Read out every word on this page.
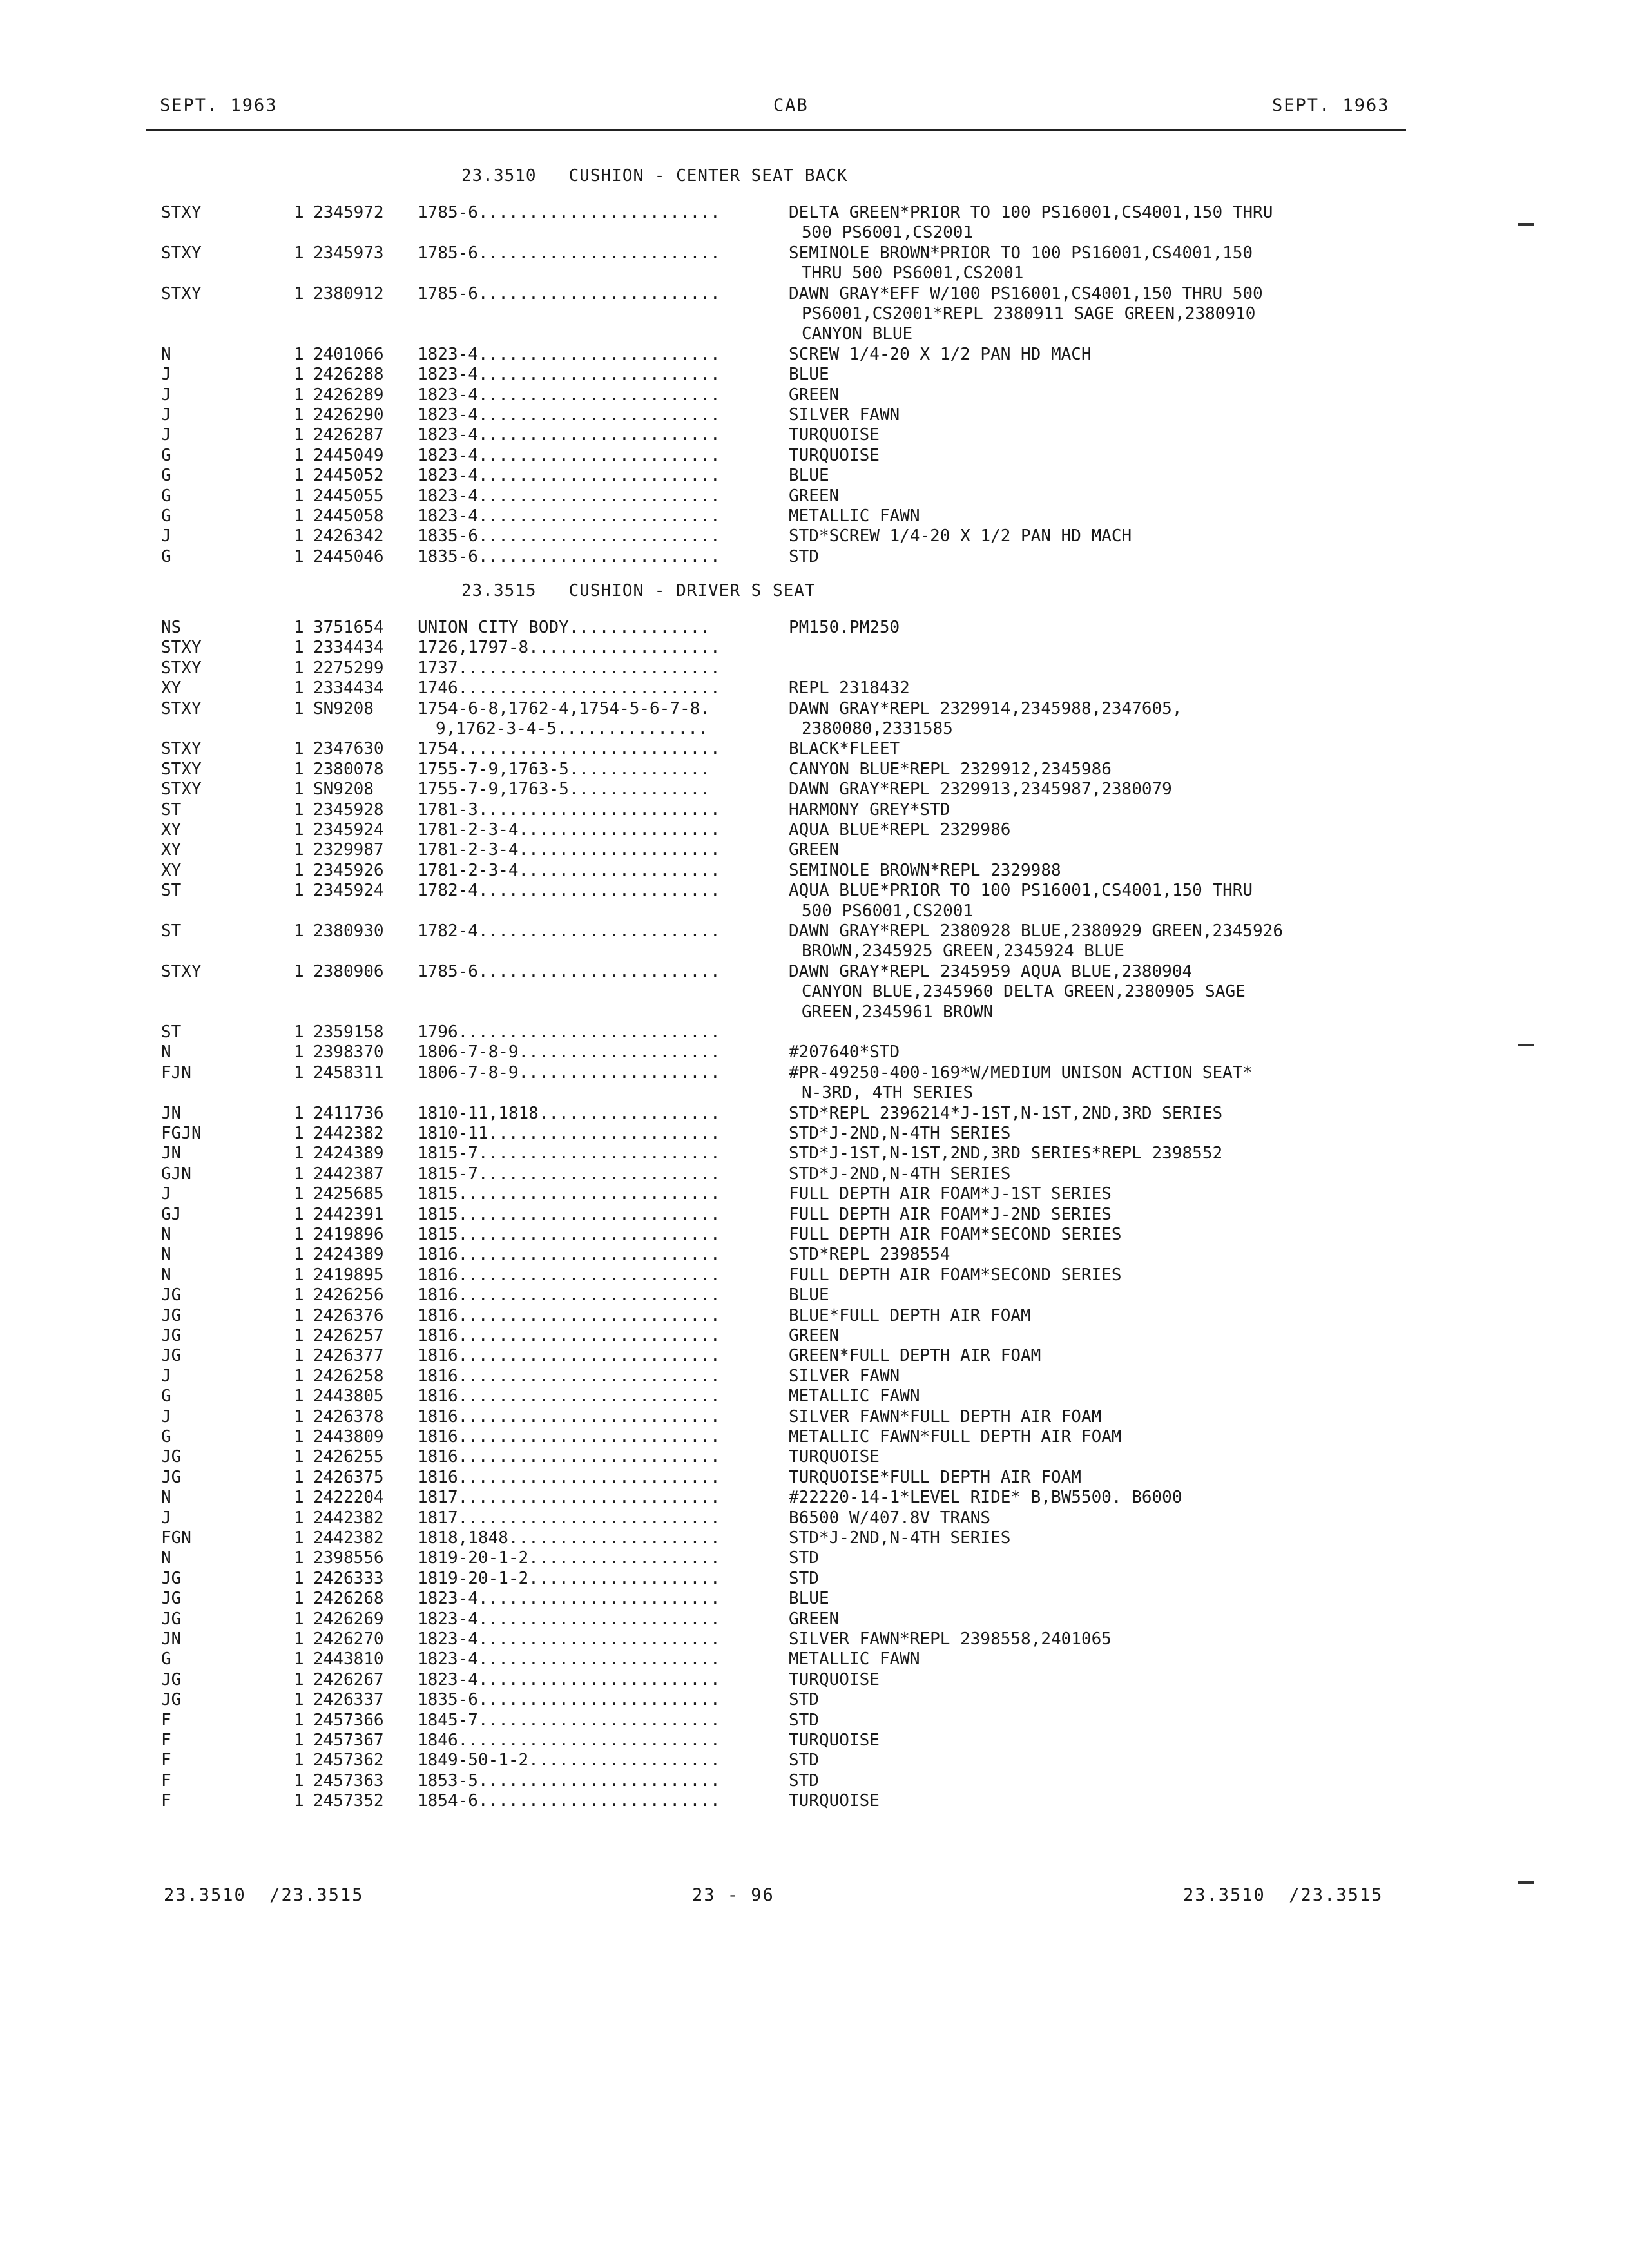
SEPT. 1963	CAB	SEPT. 1963
23.3510   CUSHION - CENTER SEAT BACK
STXY	1 2345972 1785-6........................	DELTA GREEN*PRIOR TO 100 PS16001,CS4001,150 THRU
500 PS6001,CS2001
STXY	1 2345973 1785-6........................	SEMINOLE BROWN*PRIOR TO 100 PS16001,CS4001,150
THRU 500 PS6001,CS2001
STXY	1 2380912 1785-6........................	DAWN GRAY*EFF W/100 PS16001,CS4001,150 THRU 500
PS6001,CS2001*REPL 2380911 SAGE GREEN,2380910
CANYON BLUE
N	1 2401066 1823-4........................	SCREW 1/4-20 X 1/2 PAN HD MACH
J	1 2426288 1823-4........................	BLUE
J	1 2426289 1823-4........................	GREEN
J	1 2426290 1823-4........................	SILVER FAWN
J	1 2426287 1823-4........................	TURQUOISE
G	1 2445049 1823-4........................	TURQUOISE
G	1 2445052 1823-4........................	BLUE
G	1 2445055 1823-4........................	GREEN
G	1 2445058 1823-4........................	METALLIC FAWN
J	1 2426342 1835-6........................	STD*SCREW 1/4-20 X 1/2 PAN HD MACH
G	1 2445046 1835-6........................	STD
23.3515   CUSHION - DRIVER S SEAT
NS	1 3751654 UNION CITY BODY..............	PM150.PM250
STXY	1 2334434 1726,1797-8...................
STXY	1 2275299 1737..........................
XY	1 2334434 1746..........................	REPL 2318432
STXY	1 SN9208 1754-6-8,1762-4,1754-5-6-7-8.	DAWN GRAY*REPL 2329914,2345988,2347605,
9,1762-3-4-5...............	2380080,2331585
STXY	1 2347630 1754..........................	BLACK*FLEET
STXY	1 2380078 1755-7-9,1763-5..............	CANYON BLUE*REPL 2329912,2345986
STXY	1 SN9208 1755-7-9,1763-5..............	DAWN GRAY*REPL 2329913,2345987,2380079
ST	1 2345928 1781-3........................	HARMONY GREY*STD
XY	1 2345924 1781-2-3-4....................	AQUA BLUE*REPL 2329986
XY	1 2329987 1781-2-3-4....................	GREEN
XY	1 2345926 1781-2-3-4....................	SEMINOLE BROWN*REPL 2329988
ST	1 2345924 1782-4........................	AQUA BLUE*PRIOR TO 100 PS16001,CS4001,150 THRU
500 PS6001,CS2001
ST	1 2380930 1782-4........................	DAWN GRAY*REPL 2380928 BLUE,2380929 GREEN,2345926
BROWN,2345925 GREEN,2345924 BLUE
STXY	1 2380906 1785-6........................	DAWN GRAY*REPL 2345959 AQUA BLUE,2380904
CANYON BLUE,2345960 DELTA GREEN,2380905 SAGE
GREEN,2345961 BROWN
ST	1 2359158 1796..........................
N	1 2398370 1806-7-8-9....................	#207640*STD
FJN	1 2458311 1806-7-8-9....................	#PR-49250-400-169*W/MEDIUM UNISON ACTION SEAT*
N-3RD, 4TH SERIES
JN	1 2411736 1810-11,1818..................	STD*REPL 2396214*J-1ST,N-1ST,2ND,3RD SERIES
FGJN	1 2442382 1810-11.......................	STD*J-2ND,N-4TH SERIES
JN	1 2424389 1815-7........................	STD*J-1ST,N-1ST,2ND,3RD SERIES*REPL 2398552
GJN	1 2442387 1815-7........................	STD*J-2ND,N-4TH SERIES
J	1 2425685 1815..........................	FULL DEPTH AIR FOAM*J-1ST SERIES
GJ	1 2442391 1815..........................	FULL DEPTH AIR FOAM*J-2ND SERIES
N	1 2419896 1815..........................	FULL DEPTH AIR FOAM*SECOND SERIES
N	1 2424389 1816..........................	STD*REPL 2398554
N	1 2419895 1816..........................	FULL DEPTH AIR FOAM*SECOND SERIES
JG	1 2426256 1816..........................	BLUE
JG	1 2426376 1816..........................	BLUE*FULL DEPTH AIR FOAM
JG	1 2426257 1816..........................	GREEN
JG	1 2426377 1816..........................	GREEN*FULL DEPTH AIR FOAM
J	1 2426258 1816..........................	SILVER FAWN
G	1 2443805 1816..........................	METALLIC FAWN
J	1 2426378 1816..........................	SILVER FAWN*FULL DEPTH AIR FOAM
G	1 2443809 1816..........................	METALLIC FAWN*FULL DEPTH AIR FOAM
JG	1 2426255 1816..........................	TURQUOISE
JG	1 2426375 1816..........................	TURQUOISE*FULL DEPTH AIR FOAM
N	1 2422204 1817..........................	#22220-14-1*LEVEL RIDE* B,BW5500. B6000
J	1 2442382 1817..........................	B6500 W/407.8V TRANS
FGN	1 2442382 1818,1848.....................	STD*J-2ND,N-4TH SERIES
N	1 2398556 1819-20-1-2...................	STD
JG	1 2426333 1819-20-1-2...................	STD
JG	1 2426268 1823-4........................	BLUE
JG	1 2426269 1823-4........................	GREEN
JN	1 2426270 1823-4........................	SILVER FAWN*REPL 2398558,2401065
G	1 2443810 1823-4........................	METALLIC FAWN
JG	1 2426267 1823-4........................	TURQUOISE
JG	1 2426337 1835-6........................	STD
F	1 2457366 1845-7........................	STD
F	1 2457367 1846..........................	TURQUOISE
F	1 2457362 1849-50-1-2...................	STD
F	1 2457363 1853-5........................	STD
F	1 2457352 1854-6........................	TURQUOISE
23.3510  /23.3515	23 - 96	23.3510  /23.3515
